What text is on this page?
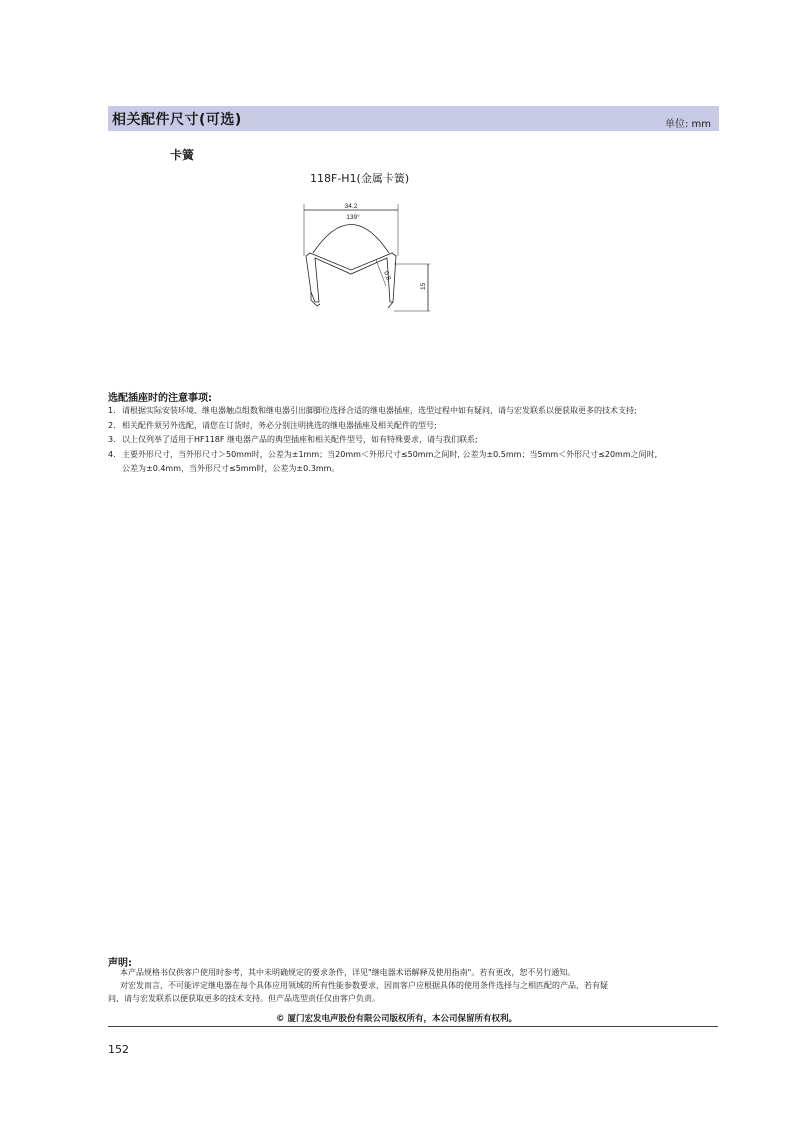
相关配件尺寸(可选)	单位: mm
卡簧
118F-H1(金属卡簧)
34.2
139°
0.8
15
选配插座时的注意事项:
1. 请根据实际安装环境、继电器触点组数和继电器引出脚脚位选择合适的继电器插座，选型过程中如有疑问，请与宏发联系以便获取更多的技术支持;
2. 相关配件须另外选配，请您在订货时，务必分别注明挑选的继电器插座及相关配件的型号;
3. 以上仅列举了适用于HF118F 继电器产品的典型插座和相关配件型号，如有特殊要求，请与我们联系;
4. 主要外形尺寸，当外形尺寸＞50mm时，公差为±1mm；当20mm＜外形尺寸≤50mm之间时, 公差为±0.5mm；当5mm＜外形尺寸≤20mm之间时,
公差为±0.4mm，当外形尺寸≤5mm时，公差为±0.3mm。
声明:

本产品规格书仅供客户使用时参考，其中未明确规定的要求条件，详见"继电器术语解释及使用指南"。若有更改，恕不另行通知。

对宏发而言，不可能评定继电器在每个具体应用领域的所有性能参数要求，因而客户应根据具体的使用条件选择与之相匹配的产品，若有疑

问，请与宏发联系以便获取更多的技术支持。但产品选型责任仅由客户负责。

© 厦门宏发电声股份有限公司版权所有，本公司保留所有权利。
152
